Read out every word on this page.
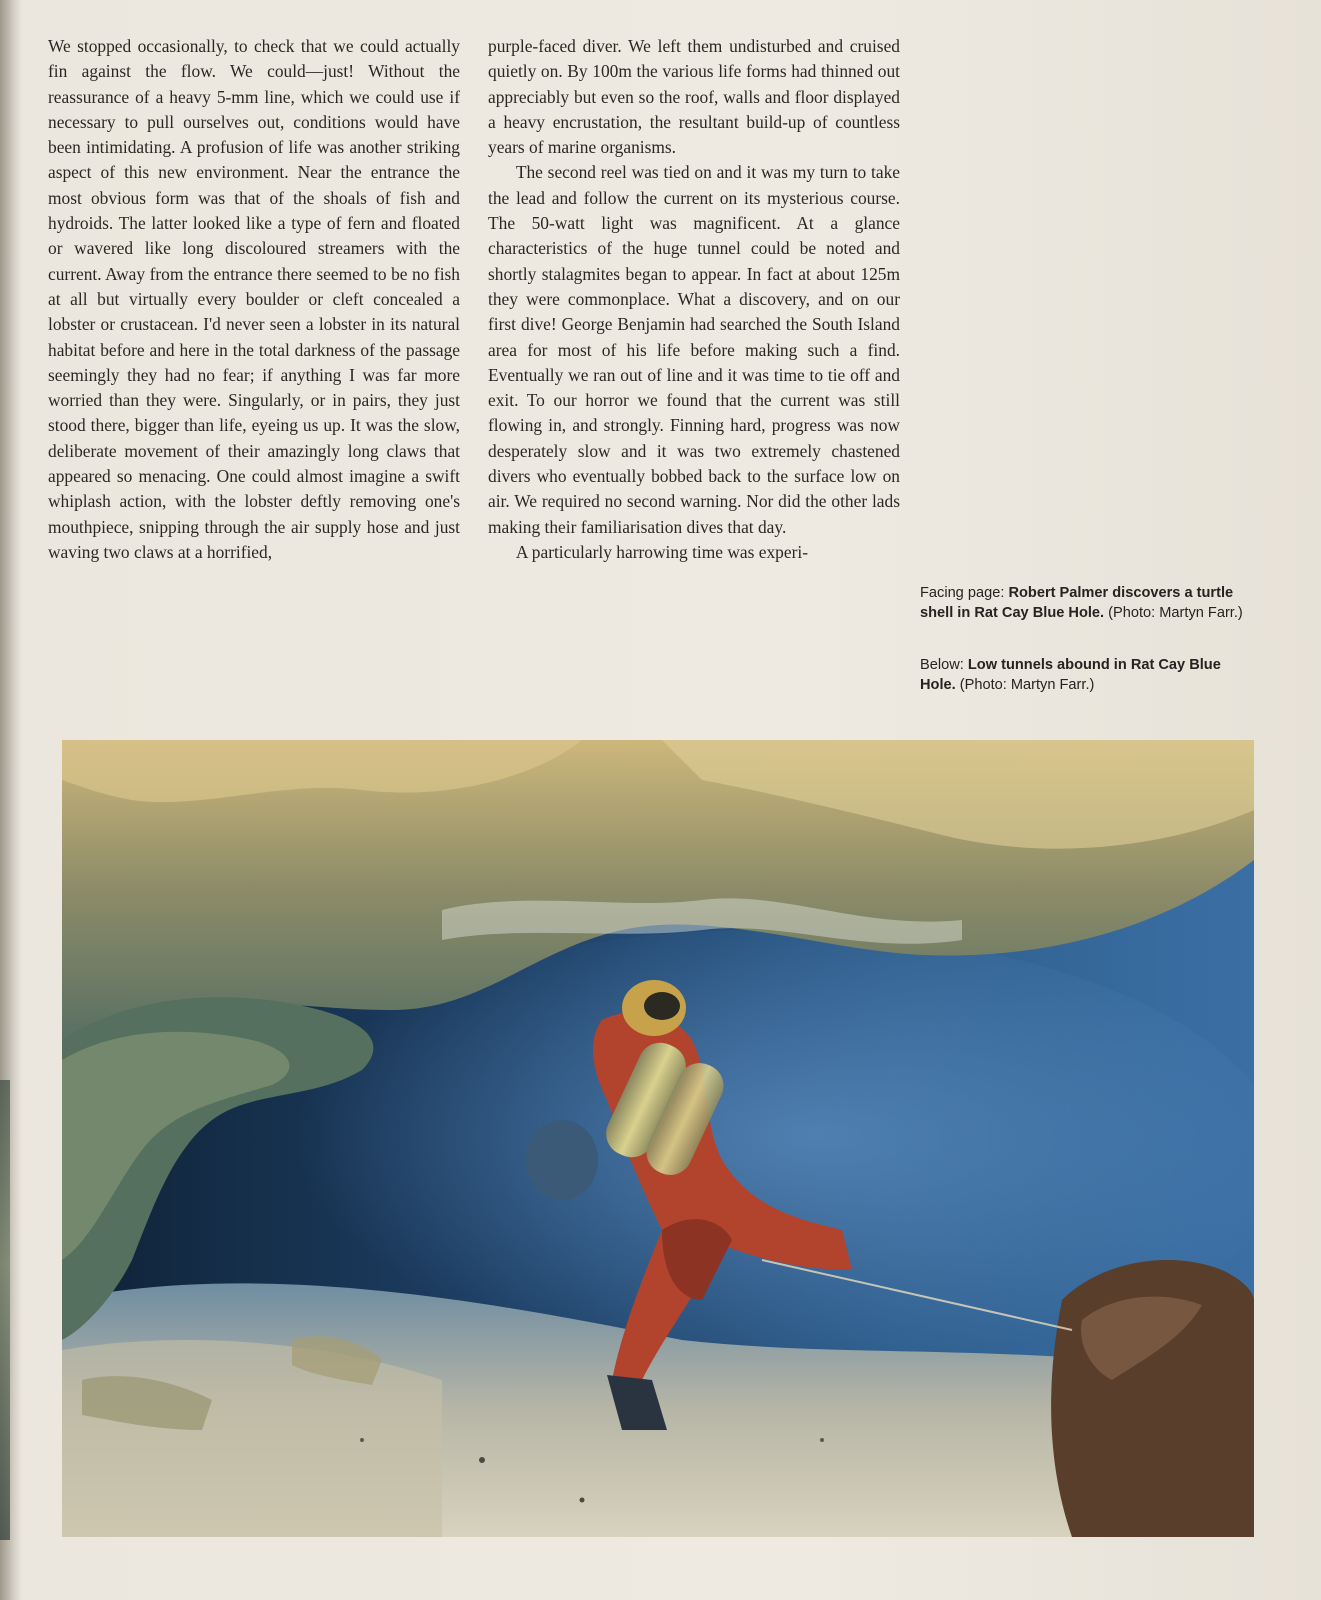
We stopped occasionally, to check that we could actually fin against the flow. We could—just! Without the reassurance of a heavy 5-mm line, which we could use if necessary to pull ourselves out, conditions would have been intimidating. A profusion of life was another striking aspect of this new environment. Near the entrance the most obvious form was that of the shoals of fish and hydroids. The latter looked like a type of fern and floated or wavered like long discoloured streamers with the current. Away from the entrance there seemed to be no fish at all but virtually every boulder or cleft concealed a lobster or crustacean. I'd never seen a lobster in its natural habitat before and here in the total darkness of the passage seemingly they had no fear; if anything I was far more worried than they were. Singularly, or in pairs, they just stood there, bigger than life, eyeing us up. It was the slow, deliberate movement of their amazingly long claws that appeared so menacing. One could almost imagine a swift whiplash action, with the lobster deftly removing one's mouthpiece, snipping through the air supply hose and just waving two claws at a horrified,

purple-faced diver. We left them undisturbed and cruised quietly on. By 100m the various life forms had thinned out appreciably but even so the roof, walls and floor displayed a heavy encrustation, the resultant build-up of countless years of marine organisms.

The second reel was tied on and it was my turn to take the lead and follow the current on its mysterious course. The 50-watt light was magnificent. At a glance characteristics of the huge tunnel could be noted and shortly stalagmites began to appear. In fact at about 125m they were commonplace. What a discovery, and on our first dive! George Benjamin had searched the South Island area for most of his life before making such a find. Eventually we ran out of line and it was time to tie off and exit. To our horror we found that the current was still flowing in, and strongly. Finning hard, progress was now desperately slow and it was two extremely chastened divers who eventually bobbed back to the surface low on air. We required no second warning. Nor did the other lads making their familiarisation dives that day.

A particularly harrowing time was experi-

Facing page: Robert Palmer discovers a turtle shell in Rat Cay Blue Hole. (Photo: Martyn Farr.)
Below: Low tunnels abound in Rat Cay Blue Hole. (Photo: Martyn Farr.)
